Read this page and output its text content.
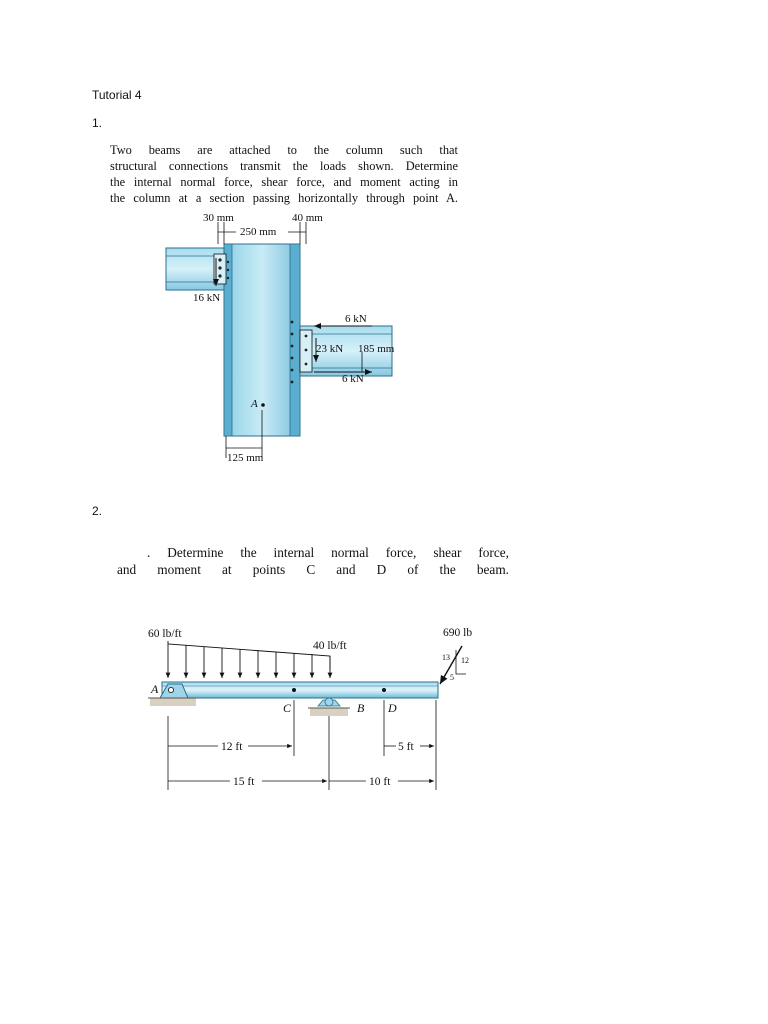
Tutorial 4
1.
Two beams are attached to the column such that
structural connections transmit the loads shown. Determine
the internal normal force, shear force, and moment acting in
the column at a section passing horizontally through point A.
30 mm	40 mm
250 mm
16 kN
6 kN
23 kN 185 mm
6 kN
A
125 mm
2.
. Determine the internal normal force, shear force,
and moment at points C and D of the beam.
60 lb/ft
40 lb/ft
690 lb
13 12
5
A
C	B D
12 ft	5 ft
15 ft	10 ft
